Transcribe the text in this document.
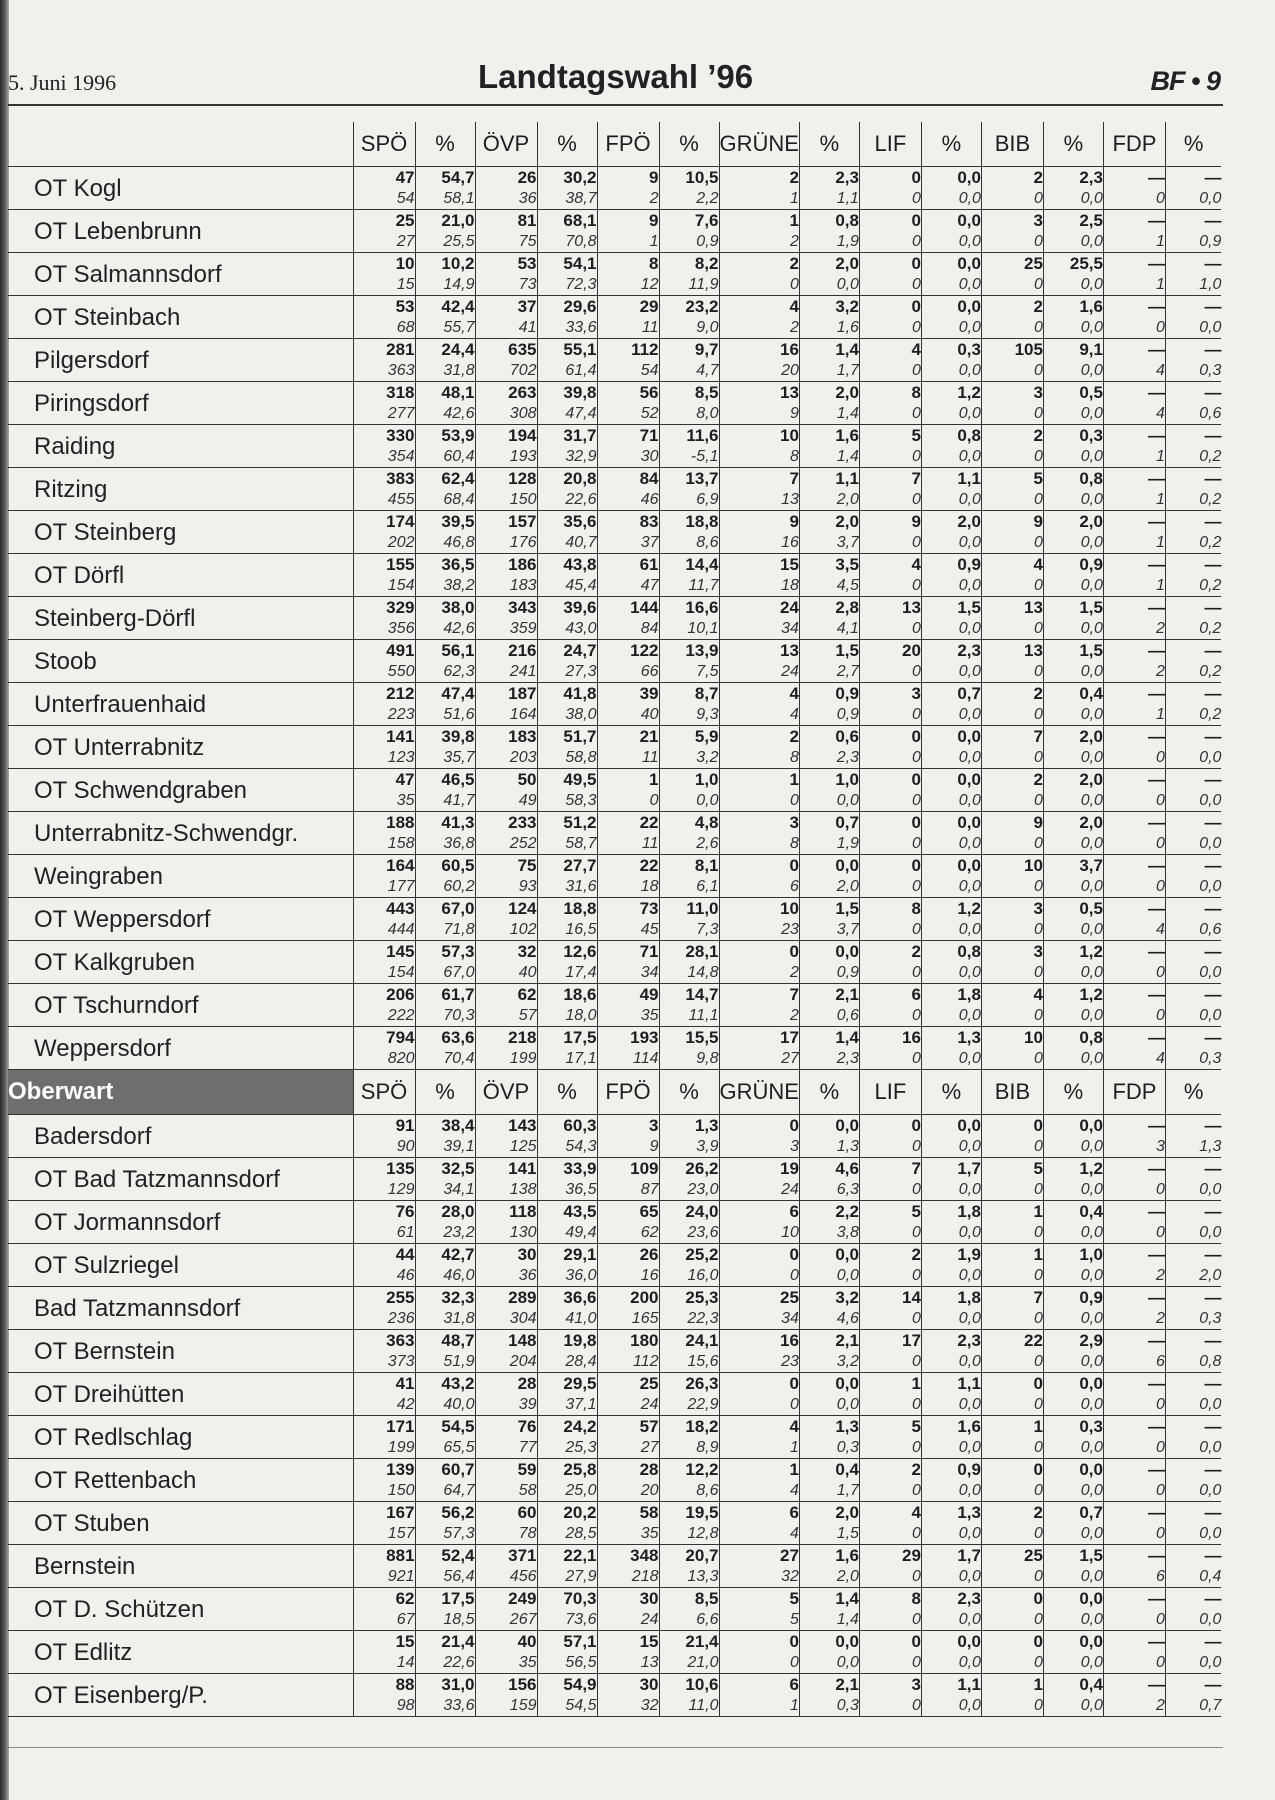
5. Juni 1996	Landtagswahl ’96	BF • 9
	SPÖ	%	ÖVP	%	FPÖ	%	GRÜNE	%	LIF	%	BIB	%	FDP	%
OT Kogl	47	54,7	26	30,2	9	10,5	2	2,3	0	0,0	2	2,3	—	—
	54	58,1	36	38,7	2	2,2	1	1,1	0	0,0	0	0,0	0	0,0
OT Lebenbrunn	25	21,0	81	68,1	9	7,6	1	0,8	0	0,0	3	2,5	—	—
	27	25,5	75	70,8	1	0,9	2	1,9	0	0,0	0	0,0	1	0,9
OT Salmannsdorf	10	10,2	53	54,1	8	8,2	2	2,0	0	0,0	25	25,5	—	—
	15	14,9	73	72,3	12	11,9	0	0,0	0	0,0	0	0,0	1	1,0
OT Steinbach	53	42,4	37	29,6	29	23,2	4	3,2	0	0,0	2	1,6	—	—
	68	55,7	41	33,6	11	9,0	2	1,6	0	0,0	0	0,0	0	0,0
Pilgersdorf	281	24,4	635	55,1	112	9,7	16	1,4	4	0,3	105	9,1	—	—
	363	31,8	702	61,4	54	4,7	20	1,7	0	0,0	0	0,0	4	0,3
Piringsdorf	318	48,1	263	39,8	56	8,5	13	2,0	8	1,2	3	0,5	—	—
	277	42,6	308	47,4	52	8,0	9	1,4	0	0,0	0	0,0	4	0,6
Raiding	330	53,9	194	31,7	71	11,6	10	1,6	5	0,8	2	0,3	—	—
	354	60,4	193	32,9	30	-5,1	8	1,4	0	0,0	0	0,0	1	0,2
Ritzing	383	62,4	128	20,8	84	13,7	7	1,1	7	1,1	5	0,8	—	—
	455	68,4	150	22,6	46	6,9	13	2,0	0	0,0	0	0,0	1	0,2
OT Steinberg	174	39,5	157	35,6	83	18,8	9	2,0	9	2,0	9	2,0	—	—
	202	46,8	176	40,7	37	8,6	16	3,7	0	0,0	0	0,0	1	0,2
OT Dörfl	155	36,5	186	43,8	61	14,4	15	3,5	4	0,9	4	0,9	—	—
	154	38,2	183	45,4	47	11,7	18	4,5	0	0,0	0	0,0	1	0,2
Steinberg-Dörfl	329	38,0	343	39,6	144	16,6	24	2,8	13	1,5	13	1,5	—	—
	356	42,6	359	43,0	84	10,1	34	4,1	0	0,0	0	0,0	2	0,2
Stoob	491	56,1	216	24,7	122	13,9	13	1,5	20	2,3	13	1,5	—	—
	550	62,3	241	27,3	66	7,5	24	2,7	0	0,0	0	0,0	2	0,2
Unterfrauenhaid	212	47,4	187	41,8	39	8,7	4	0,9	3	0,7	2	0,4	—	—
	223	51,6	164	38,0	40	9,3	4	0,9	0	0,0	0	0,0	1	0,2
OT Unterrabnitz	141	39,8	183	51,7	21	5,9	2	0,6	0	0,0	7	2,0	—	—
	123	35,7	203	58,8	11	3,2	8	2,3	0	0,0	0	0,0	0	0,0
OT Schwendgraben	47	46,5	50	49,5	1	1,0	1	1,0	0	0,0	2	2,0	—	—
	35	41,7	49	58,3	0	0,0	0	0,0	0	0,0	0	0,0	0	0,0
Unterrabnitz-Schwendgr.	188	41,3	233	51,2	22	4,8	3	0,7	0	0,0	9	2,0	—	—
	158	36,8	252	58,7	11	2,6	8	1,9	0	0,0	0	0,0	0	0,0
Weingraben	164	60,5	75	27,7	22	8,1	0	0,0	0	0,0	10	3,7	—	—
	177	60,2	93	31,6	18	6,1	6	2,0	0	0,0	0	0,0	0	0,0
OT Weppersdorf	443	67,0	124	18,8	73	11,0	10	1,5	8	1,2	3	0,5	—	—
	444	71,8	102	16,5	45	7,3	23	3,7	0	0,0	0	0,0	4	0,6
OT Kalkgruben	145	57,3	32	12,6	71	28,1	0	0,0	2	0,8	3	1,2	—	—
	154	67,0	40	17,4	34	14,8	2	0,9	0	0,0	0	0,0	0	0,0
OT Tschurndorf	206	61,7	62	18,6	49	14,7	7	2,1	6	1,8	4	1,2	—	—
	222	70,3	57	18,0	35	11,1	2	0,6	0	0,0	0	0,0	0	0,0
Weppersdorf	794	63,6	218	17,5	193	15,5	17	1,4	16	1,3	10	0,8	—	—
	820	70,4	199	17,1	114	9,8	27	2,3	0	0,0	0	0,0	4	0,3
Oberwart	SPÖ	%	ÖVP	%	FPÖ	%	GRÜNE	%	LIF	%	BIB	%	FDP	%
Badersdorf	91	38,4	143	60,3	3	1,3	0	0,0	0	0,0	0	0,0	—	—
	90	39,1	125	54,3	9	3,9	3	1,3	0	0,0	0	0,0	3	1,3
OT Bad Tatzmannsdorf	135	32,5	141	33,9	109	26,2	19	4,6	7	1,7	5	1,2	—	—
	129	34,1	138	36,5	87	23,0	24	6,3	0	0,0	0	0,0	0	0,0
OT Jormannsdorf	76	28,0	118	43,5	65	24,0	6	2,2	5	1,8	1	0,4	—	—
	61	23,2	130	49,4	62	23,6	10	3,8	0	0,0	0	0,0	0	0,0
OT Sulzriegel	44	42,7	30	29,1	26	25,2	0	0,0	2	1,9	1	1,0	—	—
	46	46,0	36	36,0	16	16,0	0	0,0	0	0,0	0	0,0	2	2,0
Bad Tatzmannsdorf	255	32,3	289	36,6	200	25,3	25	3,2	14	1,8	7	0,9	—	—
	236	31,8	304	41,0	165	22,3	34	4,6	0	0,0	0	0,0	2	0,3
OT Bernstein	363	48,7	148	19,8	180	24,1	16	2,1	17	2,3	22	2,9	—	—
	373	51,9	204	28,4	112	15,6	23	3,2	0	0,0	0	0,0	6	0,8
OT Dreihütten	41	43,2	28	29,5	25	26,3	0	0,0	1	1,1	0	0,0	—	—
	42	40,0	39	37,1	24	22,9	0	0,0	0	0,0	0	0,0	0	0,0
OT Redlschlag	171	54,5	76	24,2	57	18,2	4	1,3	5	1,6	1	0,3	—	—
	199	65,5	77	25,3	27	8,9	1	0,3	0	0,0	0	0,0	0	0,0
OT Rettenbach	139	60,7	59	25,8	28	12,2	1	0,4	2	0,9	0	0,0	—	—
	150	64,7	58	25,0	20	8,6	4	1,7	0	0,0	0	0,0	0	0,0
OT Stuben	167	56,2	60	20,2	58	19,5	6	2,0	4	1,3	2	0,7	—	—
	157	57,3	78	28,5	35	12,8	4	1,5	0	0,0	0	0,0	0	0,0
Bernstein	881	52,4	371	22,1	348	20,7	27	1,6	29	1,7	25	1,5	—	—
	921	56,4	456	27,9	218	13,3	32	2,0	0	0,0	0	0,0	6	0,4
OT D. Schützen	62	17,5	249	70,3	30	8,5	5	1,4	8	2,3	0	0,0	—	—
	67	18,5	267	73,6	24	6,6	5	1,4	0	0,0	0	0,0	0	0,0
OT Edlitz	15	21,4	40	57,1	15	21,4	0	0,0	0	0,0	0	0,0	—	—
	14	22,6	35	56,5	13	21,0	0	0,0	0	0,0	0	0,0	0	0,0
OT Eisenberg/P.	88	31,0	156	54,9	30	10,6	6	2,1	3	1,1	1	0,4	—	—
	98	33,6	159	54,5	32	11,0	1	0,3	0	0,0	0	0,0	2	0,7
